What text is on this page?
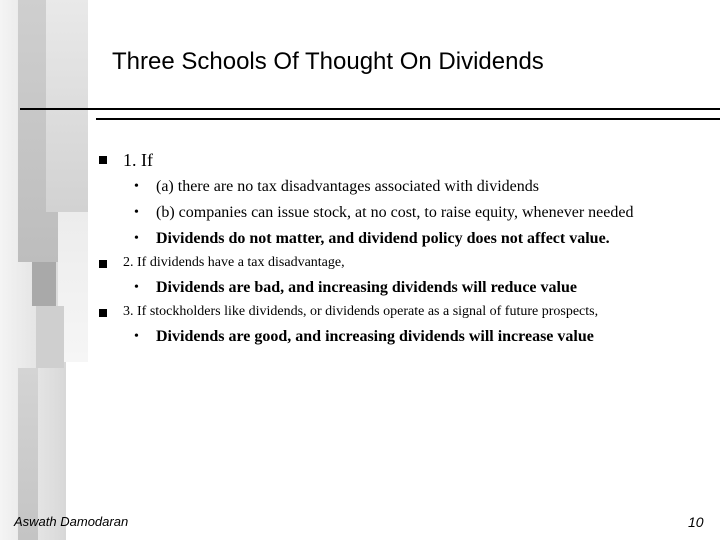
Three Schools Of Thought On Dividends
1. If
• (a) there are no tax disadvantages associated with dividends
• (b) companies can issue stock, at no cost, to raise equity, whenever needed
• Dividends do not matter, and dividend policy does not affect value.
2. If dividends have a tax disadvantage,
• Dividends are bad, and increasing dividends will reduce value
3. If stockholders like dividends, or dividends operate as a signal of future prospects,
• Dividends are good, and increasing dividends will increase value
Aswath Damodaran	10
